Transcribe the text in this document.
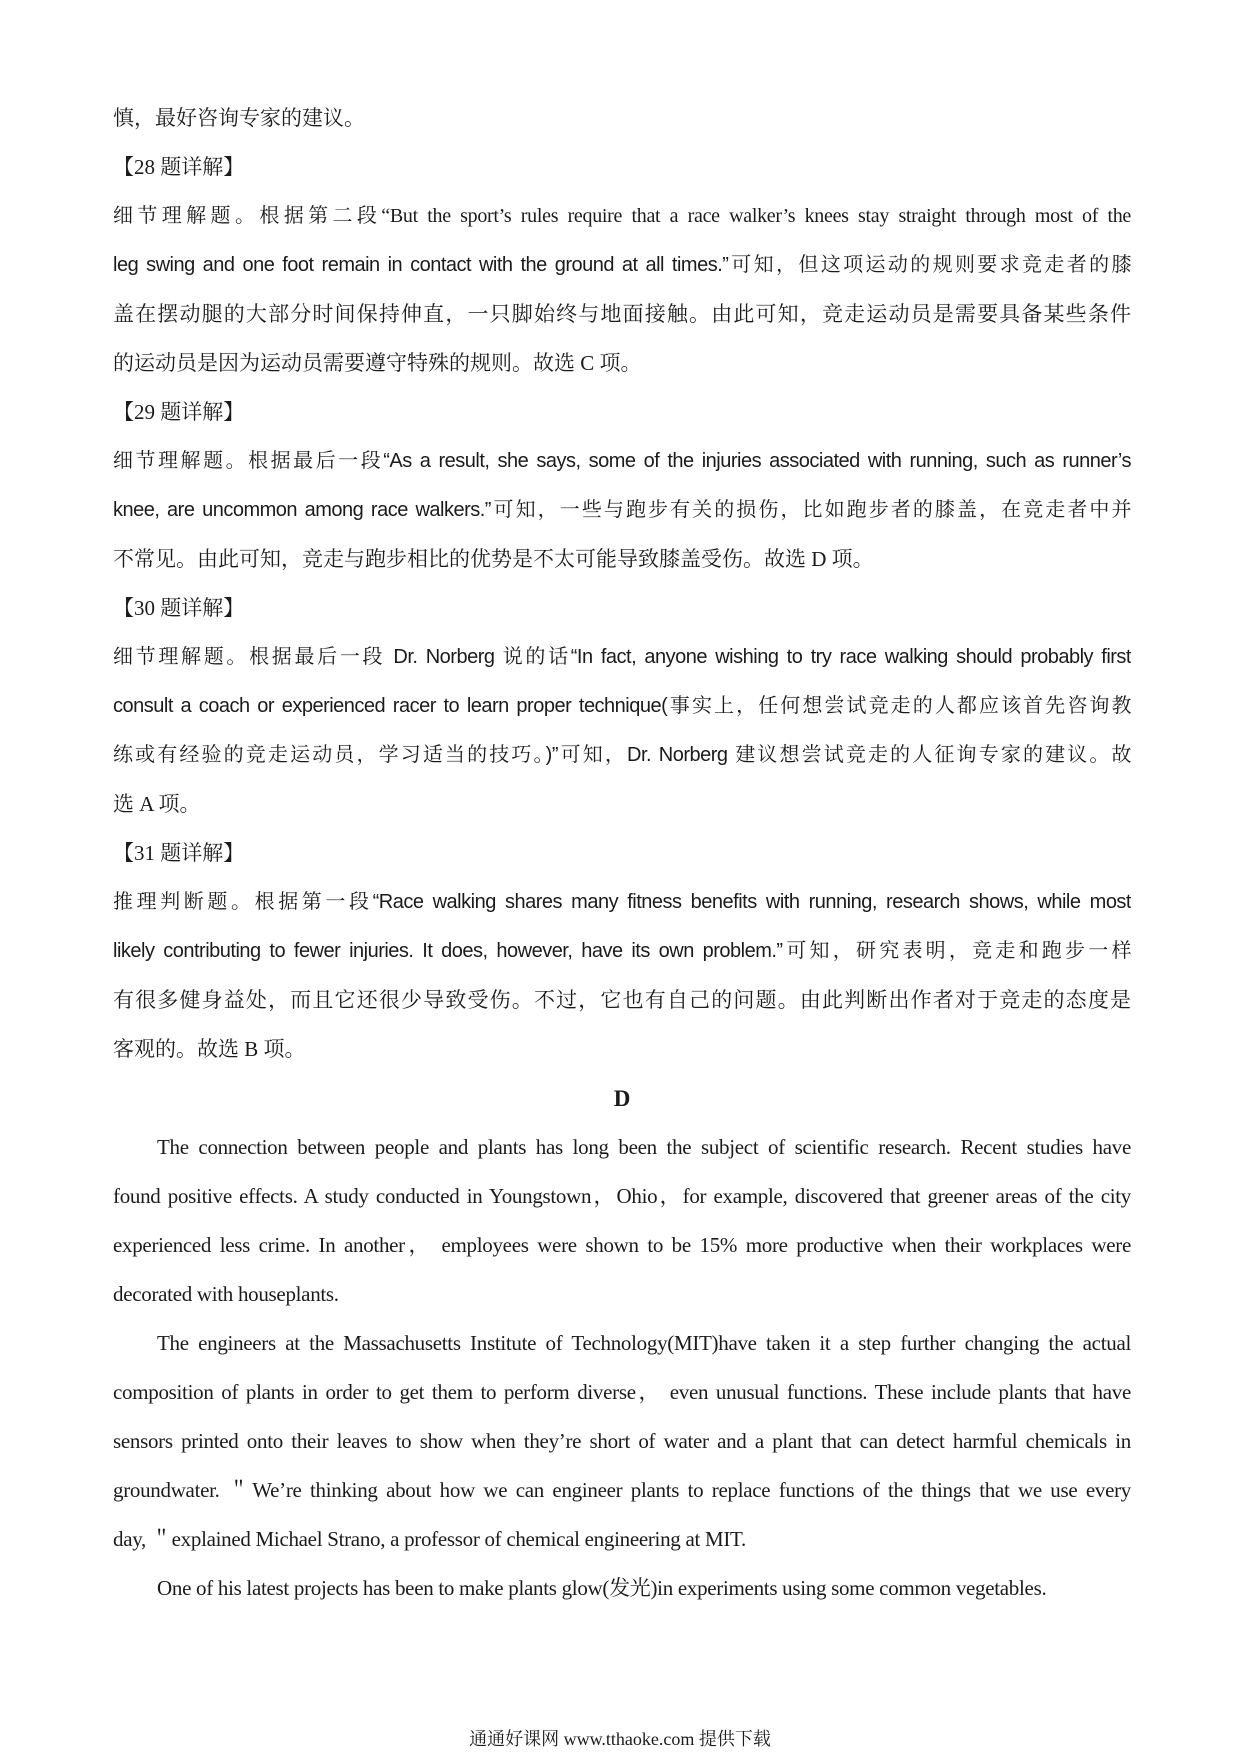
慎，最好咨询专家的建议。
【28 题详解】
细节理解题。根据第二段“But the sport’s rules require that a race walker’s knees stay straight through most of the
leg swing and one foot remain in contact with the ground at all times.”可知，但这项运动的规则要求竞走者的膝
盖在摆动腿的大部分时间保持伸直，一只脚始终与地面接触。由此可知，竞走运动员是需要具备某些条件
的运动员是因为运动员需要遵守特殊的规则。故选 C 项。
【29 题详解】
细节理解题。根据最后一段“As a result, she says, some of the injuries associated with running, such as runner’s
knee, are uncommon among race walkers.”可知，一些与跑步有关的损伤，比如跑步者的膝盖，在竞走者中并
不常见。由此可知，竞走与跑步相比的优势是不太可能导致膝盖受伤。故选 D 项。
【30 题详解】
细节理解题。根据最后一段 Dr. Norberg 说的话“In fact, anyone wishing to try race walking should probably first
consult a coach or experienced racer to learn proper technique(事实上，任何想尝试竞走的人都应该首先咨询教
练或有经验的竞走运动员，学习适当的技巧。)”可知，Dr. Norberg 建议想尝试竞走的人征询专家的建议。故
选 A 项。
【31 题详解】
推理判断题。根据第一段“Race walking shares many fitness benefits with running, research shows, while most
likely contributing to fewer injuries. It does, however, have its own problem.”可知，研究表明，竞走和跑步一样
有很多健身益处，而且它还很少导致受伤。不过，它也有自己的问题。由此判断出作者对于竞走的态度是
客观的。故选 B 项。
D
The connection between people and plants has long been the subject of scientific research. Recent studies have
found positive effects. A study conducted in Youngstown，Ohio，for example, discovered that greener areas of the city
experienced less crime. In another， employees were shown to be 15% more productive when their workplaces were
decorated with houseplants.
The engineers at the Massachusetts Institute of Technology(MIT)have taken it a step further changing the actual
composition of plants in order to get them to perform diverse， even unusual functions. These include plants that have
sensors printed onto their leaves to show when they’re short of water and a plant that can detect harmful chemicals in
groundwater. ＂We’re thinking about how we can engineer plants to replace functions of the things that we use every
day, ＂explained Michael Strano, a professor of chemical engineering at MIT.
One of his latest projects has been to make plants glow(发光)in experiments using some common vegetables.
通通好课网 www.tthaoke.com 提供下载
